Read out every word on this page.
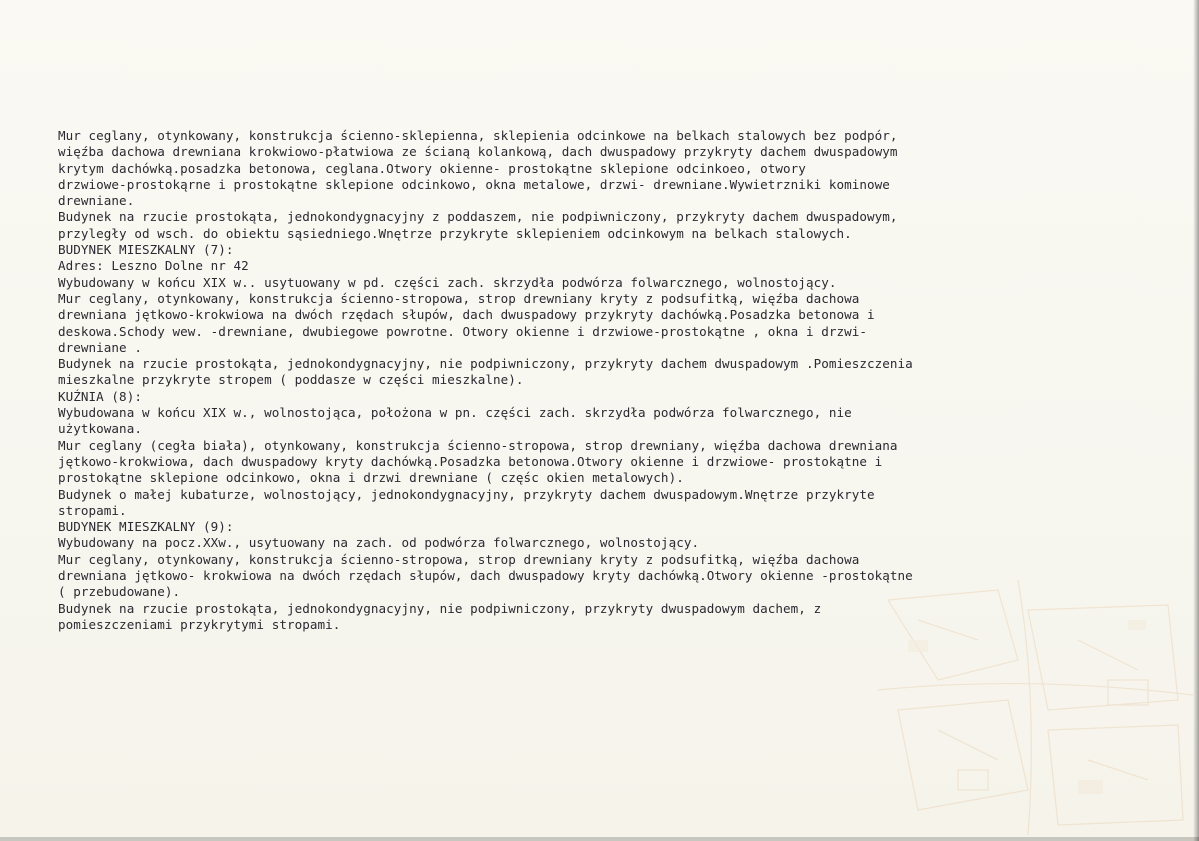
Mur ceglany, otynkowany, konstrukcja ścienno-sklepienna, sklepienia odcinkowe na belkach stalowych bez podpór,
więźba dachowa drewniana krokwiowo-płatwiowa ze ścianą kolankową, dach dwuspadowy przykryty dachem dwuspadowym
krytym dachówką.posadzka betonowa, ceglana.Otwory okienne- prostokątne sklepione odcinkoeo, otwory
drzwiowe-prostokąrne i prostokątne sklepione odcinkowo, okna metalowe, drzwi- drewniane.Wywietrzniki kominowe
drewniane.
Budynek na rzucie prostokąta, jednokondygnacyjny z poddaszem, nie podpiwniczony, przykryty dachem dwuspadowym,
przyległy od wsch. do obiektu sąsiedniego.Wnętrze przykryte sklepieniem odcinkowym na belkach stalowych.
BUDYNEK MIESZKALNY (7):
Adres: Leszno Dolne nr 42
Wybudowany w końcu XIX w.. usytuowany w pd. części zach. skrzydła podwórza folwarcznego, wolnostojący.
Mur ceglany, otynkowany, konstrukcja ścienno-stropowa, strop drewniany kryty z podsufitką, więźba dachowa
drewniana jętkowo-krokwiowa na dwóch rzędach słupów, dach dwuspadowy przykryty dachówką.Posadzka betonowa i
deskowa.Schody wew. -drewniane, dwubiegowe powrotne. Otwory okienne i drzwiowe-prostokątne , okna i drzwi-
drewniane .
Budynek na rzucie prostokąta, jednokondygnacyjny, nie podpiwniczony, przykryty dachem dwuspadowym .Pomieszczenia
mieszkalne przykryte stropem ( poddasze w części mieszkalne).
KUŹNIA (8):
Wybudowana w końcu XIX w., wolnostojąca, położona w pn. części zach. skrzydła podwórza folwarcznego, nie
użytkowana.
Mur ceglany (cegła biała), otynkowany, konstrukcja ścienno-stropowa, strop drewniany, więźba dachowa drewniana
jętkowo-krokwiowa, dach dwuspadowy kryty dachówką.Posadzka betonowa.Otwory okienne i drzwiowe- prostokątne i
prostokątne sklepione odcinkowo, okna i drzwi drewniane ( częśc okien metalowych).
Budynek o małej kubaturze, wolnostojący, jednokondygnacyjny, przykryty dachem dwuspadowym.Wnętrze przykryte
stropami.
BUDYNEK MIESZKALNY (9):
Wybudowany na pocz.XXw., usytuowany na zach. od podwórza folwarcznego, wolnostojący.
Mur ceglany, otynkowany, konstrukcja ścienno-stropowa, strop drewniany kryty z podsufitką, więźba dachowa
drewniana jętkowo- krokwiowa na dwóch rzędach słupów, dach dwuspadowy kryty dachówką.Otwory okienne -prostokątne
( przebudowane).
Budynek na rzucie prostokąta, jednokondygnacyjny, nie podpiwniczony, przykryty dwuspadowym dachem, z
pomieszczeniami przykrytymi stropami.
